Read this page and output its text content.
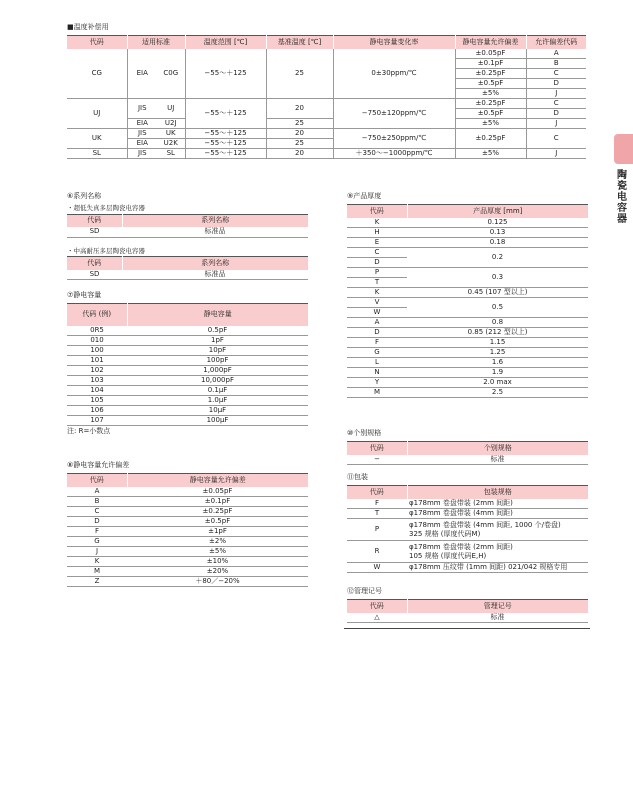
■温度补偿用
代码	适用标准		温度范围 [℃]	基准温度 [℃]	静电容量变化率	静电容量允许偏差	允许偏差代码
CG	EIA	C0G	−55～＋125	25	0±30ppm/℃	±0.05pF	A
						±0.1pF	B
						±0.25pF	C
						±0.5pF	D
						±5%	J
UJ	JIS	UJ	−55～＋125	20	−750±120ppm/℃	±0.25pF	C
						±0.5pF	D
	EIA	U2J		25		±5%	J
UK	JIS	UK	−55～＋125	20	−750±250ppm/℃	±0.25pF	C
	EIA	U2K	−55～＋125	25			
SL	JIS	SL	−55～＋125	20	＋350～−1000ppm/℃	±5%	J
陶瓷电容器
⑥系列名称
・超低失真多层陶瓷电容器
代码	系列名称
SD	标准品
・中高耐压多层陶瓷电容器
代码	系列名称
SD	标准品
⑦静电容量
代码 (例)	静电容量
0R5	0.5pF
010	1pF
100	10pF
101	100pF
102	1,000pF
103	10,000pF
104	0.1μF
105	1.0μF
106	10μF
107	100μF
注: R=小数点
⑧静电容量允许偏差
代码	静电容量允许偏差
A	±0.05pF
B	±0.1pF
C	±0.25pF
D	±0.5pF
F	±1pF
G	±2%
J	±5%
K	±10%
M	±20%
Z	＋80／−20%
⑨产品厚度
代码	产品厚度 [mm]
K	0.125
H	0.13
E	0.18
C	0.2
D	
P	0.3
T	
K	0.45 (107 型以上)
V	0.5
W	
A	0.8
D	0.85 (212 型以上)
F	1.15
G	1.25
L	1.6
N	1.9
Y	2.0 max
M	2.5
⑩个别规格
代码	个别规格
−	标准
⑪包装
代码	包装规格
F	φ178mm 卷盘带装 (2mm 间距)

T	φ178mm 卷盘带装 (4mm 间距)

P	φ178mm 卷盘带装 (4mm 间距, 1000 个/卷盘)
325 规格 (厚度代码M)

R	φ178mm 卷盘带装 (2mm 间距)
105 规格 (厚度代码E,H)

W	φ178mm 压纹带 (1mm 间距) 021/042 规格专用
⑫管理记号
代码	管理记号
△	标准
